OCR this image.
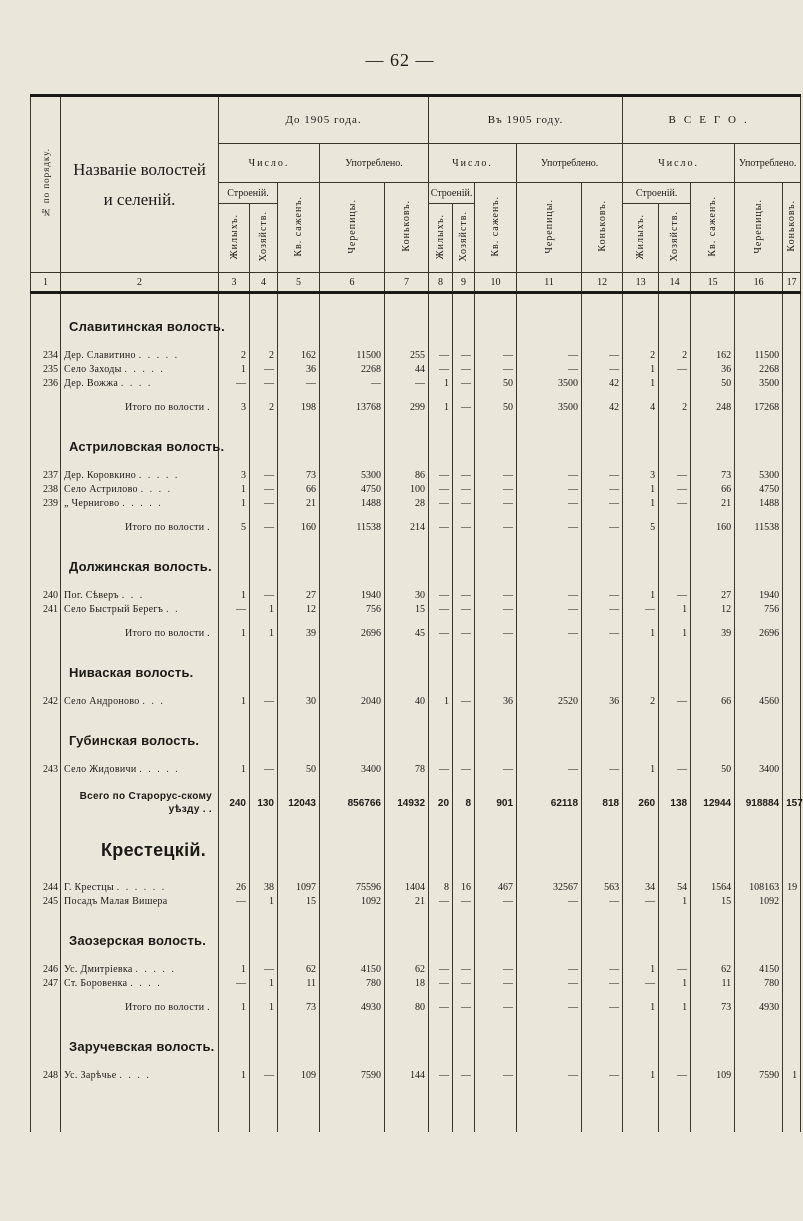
— 62 —
№ по порядку.	Названіе волостей
и селеній.	До 1905 года.					Въ 1905 году.					ВСЕГО.				
		Число.			Употреблено.		Число.			Употреблено.		Число.			Употреблено.	
		Строеній.		Кв. саженъ.	Черепицы.	Коньковъ.	Строеній.		Кв. саженъ.	Черепицы.	Коньковъ.	Строеній.		Кв. саженъ.	Черепицы.	Коньковъ.
		Жилыхъ.	Хозяйств.				Жилыхъ.	Хозяйств.				Жилыхъ.	Хозяйств.			
1	2	3	4	5	6	7	8	9	10	11	12	13	14	15	16	17

	Славитинская волость.															

234	Дер. Славитино . . . . .	2	2	162	11500	255	—	—	—	—	—	2	2	162	11500	
235	Село Заходы . . . . .	1	—	36	2268	44	—	—	—	—	—	1	—	36	2268	
236	Дер. Вожжа . . . .	—	—	—	—	—	1	—	50	3500	42	1		50	3500	

	Итого по волости .	3	2	198	13768	299	1	—	50	3500	42	4	2	248	17268	

	Астриловская волость.															

237	Дер. Коровкино . . . . .	3	—	73	5300	86	—	—	—	—	—	3	—	73	5300	
238	Село Астрилово . . . .	1	—	66	4750	100	—	—	—	—	—	1	—	66	4750	
239	„ Черниговo . . . . .	1	—	21	1488	28	—	—	—	—	—	1	—	21	1488	

	Итого по волости .	5	—	160	11538	214	—	—	—	—	—	5		160	11538	

	Должинская волость.															

240	Пог. Сѣверъ . . .	1	—	27	1940	30	—	—	—	—	—	1	—	27	1940	
241	Село Быстрый Берегъ . .	—	1	12	756	15	—	—	—	—	—	—	1	12	756	

	Итого по волости .	1	1	39	2696	45	—	—	—	—	—	1	1	39	2696	

	Ниваская волость.															

242	Село Андроново . . .	1	—	30	2040	40	1	—	36	2520	36	2	—	66	4560	

	Губинская волость.															

243	Село Жидовичи . . . . .	1	—	50	3400	78	—	—	—	—	—	1	—	50	3400	

	Всего по Старорус-скому уѣзду . .	240	130	12043	856766	14932	20	8	901	62118	818	260	138	12944	918884	157

	Крестецкій.															

244	Г. Крестцы . . . . . .	26	38	1097	75596	1404	8	16	467	32567	563	34	54	1564	108163	19
245	Посадъ Малая Вишера	—	1	15	1092	21	—	—	—	—	—	—	1	15	1092	

	Заозерская волость.															

246	Ус. Дмитріевка . . . . .	1	—	62	4150	62	—	—	—	—	—	1	—	62	4150	
247	Ст. Боровенка . . . .	—	1	11	780	18	—	—	—	—	—	—	1	11	780	

	Итого по волости .	1	1	73	4930	80	—	—	—	—	—	1	1	73	4930	

	Заручевская волость.															

248	Ус. Зарѣчье . . . .	1	—	109	7590	144	—	—	—	—	—	1	—	109	7590	1
